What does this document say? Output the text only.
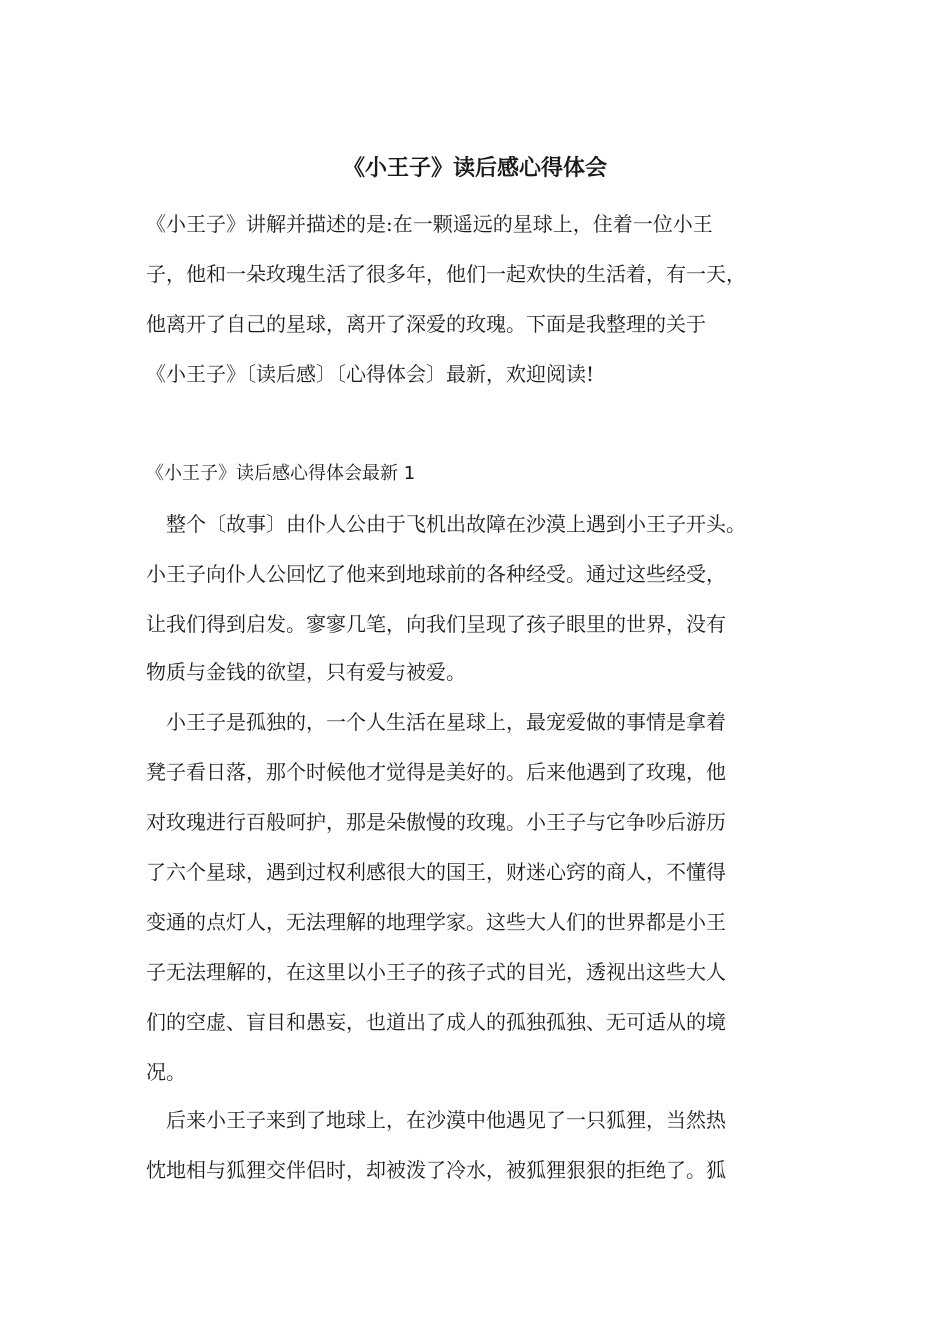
《小王子》读后感心得体会

《小王子》讲解并描述的是:在一颗遥远的星球上，住着一位小王

子，他和一朵玫瑰生活了很多年，他们一起欢快的生活着，有一天，

他离开了自己的星球，离开了深爱的玫瑰。下面是我整理的关于

《小王子》〔读后感〕〔心得体会〕最新，欢迎阅读!

《小王子》读后感心得体会最新 1

整个〔故事〕由仆人公由于飞机出故障在沙漠上遇到小王子开头。

小王子向仆人公回忆了他来到地球前的各种经受。通过这些经受，

让我们得到启发。寥寥几笔，向我们呈现了孩子眼里的世界，没有

物质与金钱的欲望，只有爱与被爱。

小王子是孤独的，一个人生活在星球上，最宠爱做的事情是拿着

凳子看日落，那个时候他才觉得是美好的。后来他遇到了玫瑰，他

对玫瑰进行百般呵护，那是朵傲慢的玫瑰。小王子与它争吵后游历

了六个星球，遇到过权利感很大的国王，财迷心窍的商人，不懂得

变通的点灯人，无法理解的地理学家。这些大人们的世界都是小王

子无法理解的，在这里以小王子的孩子式的目光，透视出这些大人

们的空虚、盲目和愚妄，也道出了成人的孤独孤独、无可适从的境

况。

后来小王子来到了地球上，在沙漠中他遇见了一只狐狸，当然热

忱地相与狐狸交伴侣时，却被泼了冷水，被狐狸狠狠的拒绝了。狐
